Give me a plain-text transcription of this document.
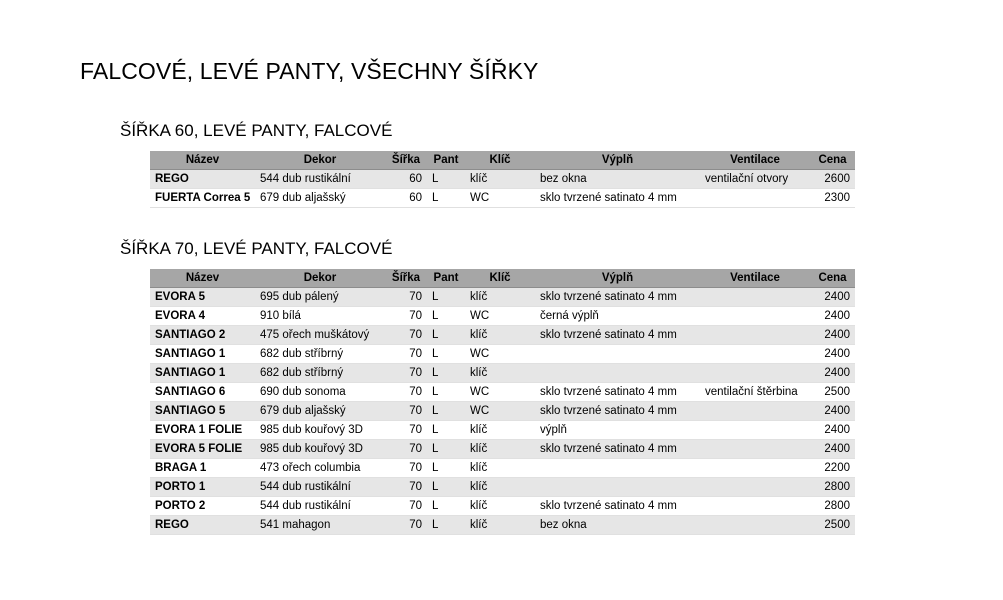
FALCOVÉ, LEVÉ PANTY, VŠECHNY ŠÍŘKY
ŠÍŘKA 60, LEVÉ PANTY, FALCOVÉ
Název	Dekor	Šířka	Pant	Klíč	Výplň	Ventilace	Cena
REGO	544 dub rustikální	60	L	klíč	bez okna	ventilační otvory	2600
FUERTA Correa 5	679 dub aljašský	60	L	WC	sklo tvrzené satinato 4 mm		2300
ŠÍŘKA 70, LEVÉ PANTY, FALCOVÉ
Název	Dekor	Šířka	Pant	Klíč	Výplň	Ventilace	Cena
EVORA 5	695 dub pálený	70	L	klíč	sklo tvrzené satinato 4 mm		2400
EVORA 4	910 bílá	70	L	WC	černá výplň		2400
SANTIAGO 2	475 ořech muškátový	70	L	klíč	sklo tvrzené satinato 4 mm		2400
SANTIAGO 1	682 dub stříbrný	70	L	WC			2400
SANTIAGO 1	682 dub stříbrný	70	L	klíč			2400
SANTIAGO 6	690 dub sonoma	70	L	WC	sklo tvrzené satinato 4 mm	ventilační štěrbina	2500
SANTIAGO 5	679 dub aljašský	70	L	WC	sklo tvrzené satinato 4 mm		2400
EVORA 1 FOLIE	985 dub kouřový 3D	70	L	klíč	výplň		2400
EVORA 5 FOLIE	985 dub kouřový 3D	70	L	klíč	sklo tvrzené satinato 4 mm		2400
BRAGA 1	473 ořech columbia	70	L	klíč			2200
PORTO 1	544 dub rustikální	70	L	klíč			2800
PORTO 2	544 dub rustikální	70	L	klíč	sklo tvrzené satinato 4 mm		2800
REGO	541 mahagon	70	L	klíč	bez okna		2500
